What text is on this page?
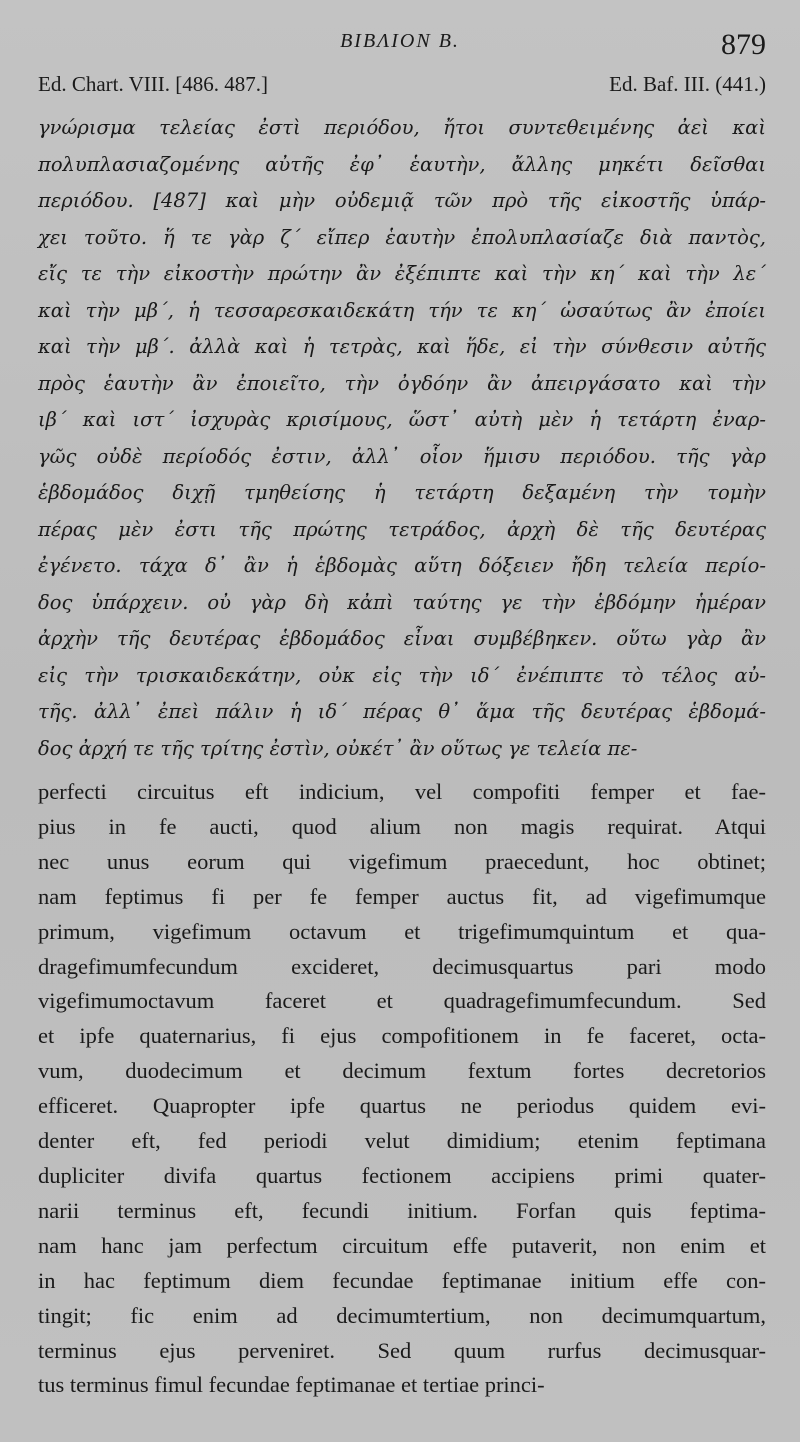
BIBΛΙΟΝ B.	879
Ed. Chart. VIII. [486. 487.]	Ed. Baf. III. (441.)
γνώρισμα τελείας ἐστὶ περιόδου, ἤτοι συντεθειμένης ἀεὶ καὶ
πολυπλασιαζομένης αὐτῆς ἐφ᾽ ἑαυτὴν, ἄλλης μηκέτι δεῖσθαι
περιόδου. [487] καὶ μὴν οὐδεμιᾷ τῶν πρὸ τῆς εἰκοστῆς ὑπάρ-
χει τοῦτο. ἥ τε γὰρ ζ΄ εἴπερ ἑαυτὴν ἐπολυπλασίαζε διὰ παντὸς,
εἴς τε τὴν εἰκοστὴν πρώτην ἂν ἐξέπιπτε καὶ τὴν κη΄ καὶ τὴν λε΄
καὶ τὴν μβ΄, ἡ τεσσαρεσκαιδεκάτη τήν τε κη΄ ὡσαύτως ἂν ἐποίει
καὶ τὴν μβ΄. ἀλλὰ καὶ ἡ τετρὰς, καὶ ἥδε, εἰ τὴν σύνθεσιν αὐτῆς
πρὸς ἑαυτὴν ἂν ἐποιεῖτο, τὴν ὀγδόην ἂν ἀπειργάσατο καὶ τὴν
ιβ΄ καὶ ιστ΄ ἰσχυρὰς κρισίμους, ὥστ᾽ αὐτὴ μὲν ἡ τετάρτη ἐναρ-
γῶς οὐδὲ περίοδός ἐστιν, ἀλλ᾽ οἷον ἥμισυ περιόδου. τῆς γὰρ
ἑβδομάδος διχῇ τμηθείσης ἡ τετάρτη δεξαμένη τὴν τομὴν
πέρας μὲν ἐστι τῆς πρώτης τετράδος, ἀρχὴ δὲ τῆς δευτέρας
ἐγένετο. τάχα δ᾽ ἂν ἡ ἑβδομὰς αὕτη δόξειεν ἤδη τελεία περίο-
δος ὑπάρχειν. οὐ γὰρ δὴ κἀπὶ ταύτης γε τὴν ἑβδόμην ἡμέραν
ἀρχὴν τῆς δευτέρας ἑβδομάδος εἶναι συμβέβηκεν. οὕτω γὰρ ἂν
εἰς τὴν τρισκαιδεκάτην, οὐκ εἰς τὴν ιδ΄ ἐνέπιπτε τὸ τέλος αὐ-
τῆς. ἀλλ᾽ ἐπεὶ πάλιν ἡ ιδ΄ πέρας θ᾽ ἅμα τῆς δευτέρας ἑβδομά-
δος ἀρχή τε τῆς τρίτης ἐστὶν, οὐκέτ᾽ ἂν οὕτως γε τελεία πε-
perfecti circuitus eft indicium, vel compofiti femper et fae-
pius in fe aucti, quod alium non magis requirat. Atqui
nec unus eorum qui vigefimum praecedunt, hoc obtinet;
nam feptimus fi per fe femper auctus fit, ad vigefimumque
primum, vigefimum octavum et trigefimumquintum et qua-
dragefimumfecundum excideret, decimusquartus pari modo
vigefimumoctavum faceret et quadragefimumfecundum. Sed
et ipfe quaternarius, fi ejus compofitionem in fe faceret, octa-
vum, duodecimum et decimum fextum fortes decretorios
efficeret. Quapropter ipfe quartus ne periodus quidem evi-
denter eft, fed periodi velut dimidium; etenim feptimana
dupliciter divifa quartus fectionem accipiens primi quater-
narii terminus eft, fecundi initium. Forfan quis feptima-
nam hanc jam perfectum circuitum effe putaverit, non enim et
in hac feptimum diem fecundae feptimanae initium effe con-
tingit; fic enim ad decimumtertium, non decimumquartum,
terminus ejus perveniret. Sed quum rurfus decimusquar-
tus terminus fimul fecundae feptimanae et tertiae princi-
